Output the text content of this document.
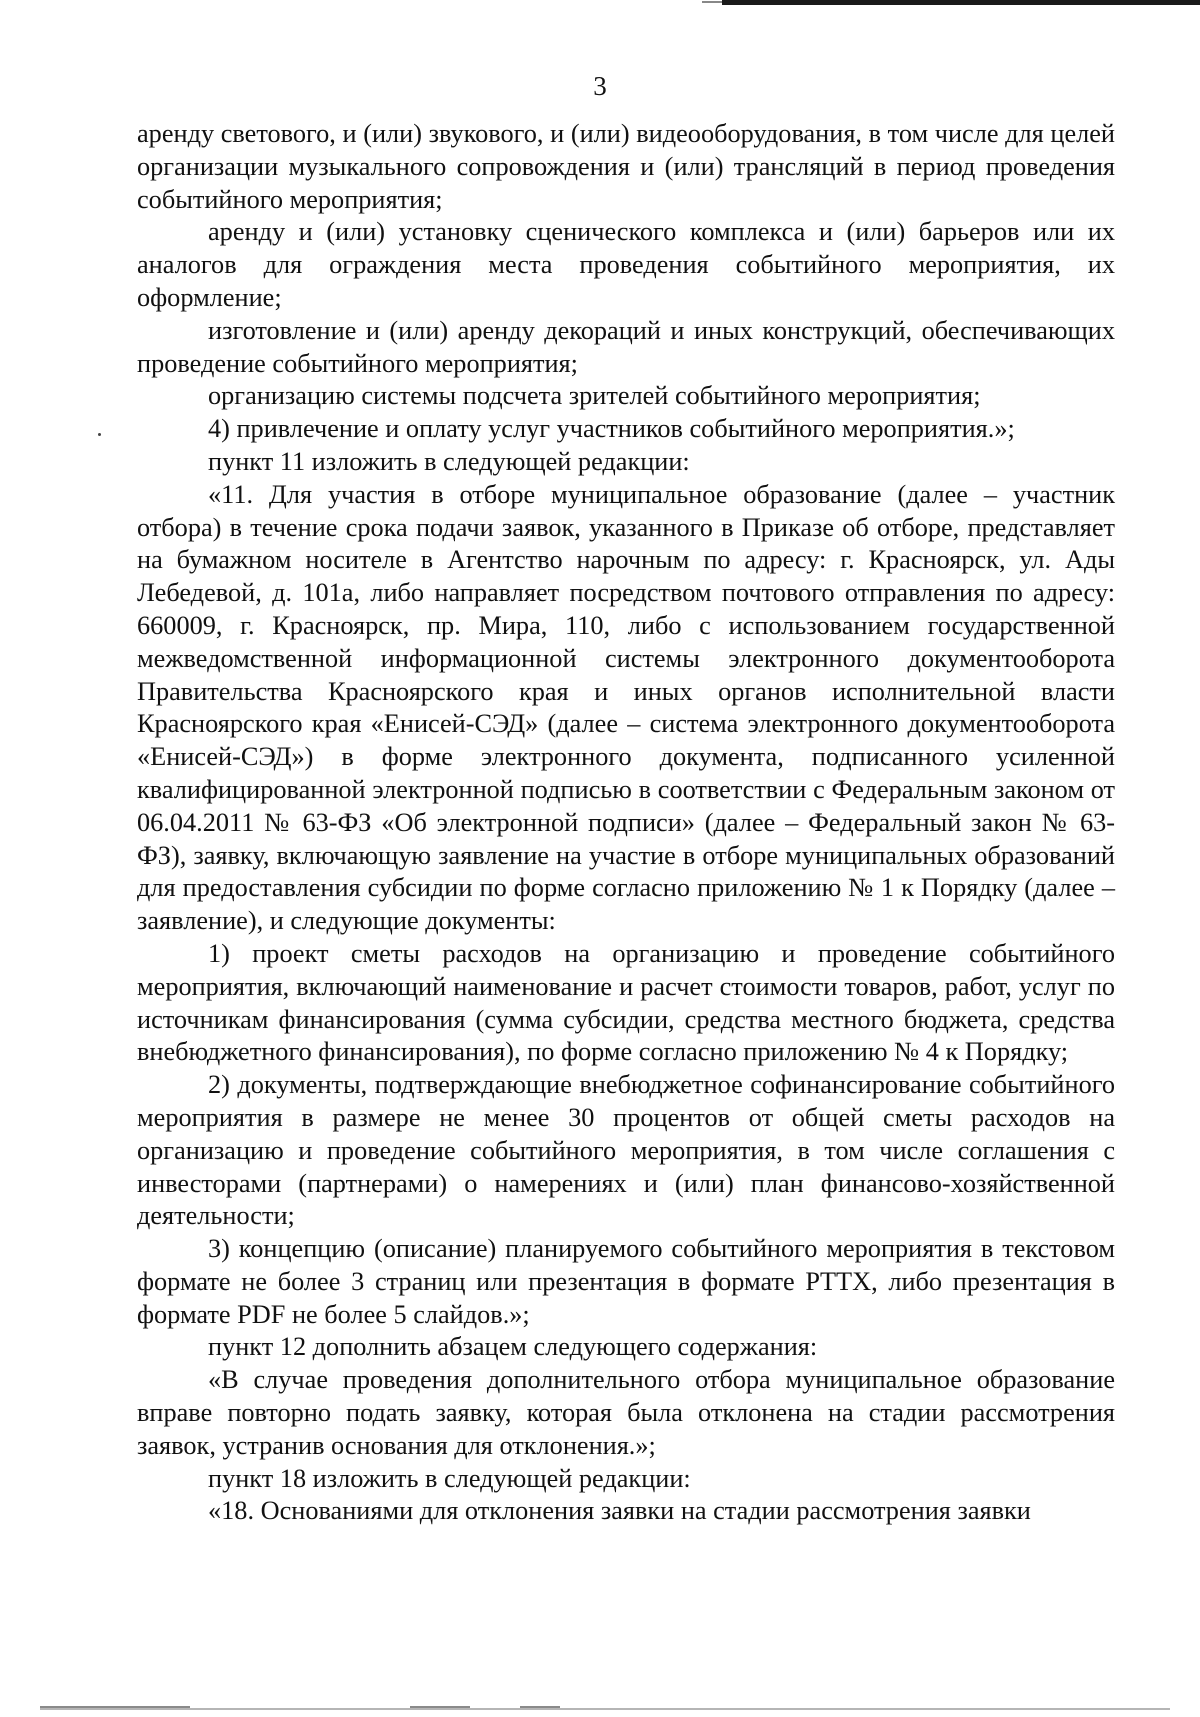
3

аренду светового, и (или) звукового, и (или) видеооборудования, в том числе для целей организации музыкального сопровождения и (или) трансляций в период проведения событийного мероприятия;

аренду и (или) установку сценического комплекса и (или) барьеров или их аналогов для ограждения места проведения событийного мероприятия, их оформление;

изготовление и (или) аренду декораций и иных конструкций, обеспечивающих проведение событийного мероприятия;

организацию системы подсчета зрителей событийного мероприятия;

4) привлечение и оплату услуг участников событийного мероприятия.»;

пункт 11 изложить в следующей редакции:

«11. Для участия в отборе муниципальное образование (далее – участник отбора) в течение срока подачи заявок, указанного в Приказе об отборе, представляет на бумажном носителе в Агентство нарочным по адресу: г. Красноярск, ул. Ады Лебедевой, д. 101а, либо направляет посредством почтового отправления по адресу: 660009, г. Красноярск, пр. Мира, 110, либо с использованием государственной межведомственной информационной системы электронного документооборота Правительства Красноярского края и иных органов исполнительной власти Красноярского края «Енисей-СЭД» (далее – система электронного документооборота «Енисей-СЭД») в форме электронного документа, подписанного усиленной квалифицированной электронной подписью в соответствии с Федеральным законом от 06.04.2011 № 63-ФЗ «Об электронной подписи» (далее – Федеральный закон № 63-ФЗ), заявку, включающую заявление на участие в отборе муниципальных образований для предоставления субсидии по форме согласно приложению № 1 к Порядку (далее – заявление), и следующие документы:

1) проект сметы расходов на организацию и проведение событийного мероприятия, включающий наименование и расчет стоимости товаров, работ, услуг по источникам финансирования (сумма субсидии, средства местного бюджета, средства внебюджетного финансирования), по форме согласно приложению № 4 к Порядку;

2) документы, подтверждающие внебюджетное софинансирование событийного мероприятия в размере не менее 30 процентов от общей сметы расходов на организацию и проведение событийного мероприятия, в том числе соглашения с инвесторами (партнерами) о намерениях и (или) план финансово-хозяйственной деятельности;

3) концепцию (описание) планируемого событийного мероприятия в текстовом формате не более 3 страниц или презентация в формате PTTX, либо презентация в формате PDF не более 5 слайдов.»;

пункт 12 дополнить абзацем следующего содержания:

«В случае проведения дополнительного отбора муниципальное образование вправе повторно подать заявку, которая была отклонена на стадии рассмотрения заявок, устранив основания для отклонения.»;

пункт 18 изложить в следующей редакции:

«18. Основаниями для отклонения заявки на стадии рассмотрения заявки
